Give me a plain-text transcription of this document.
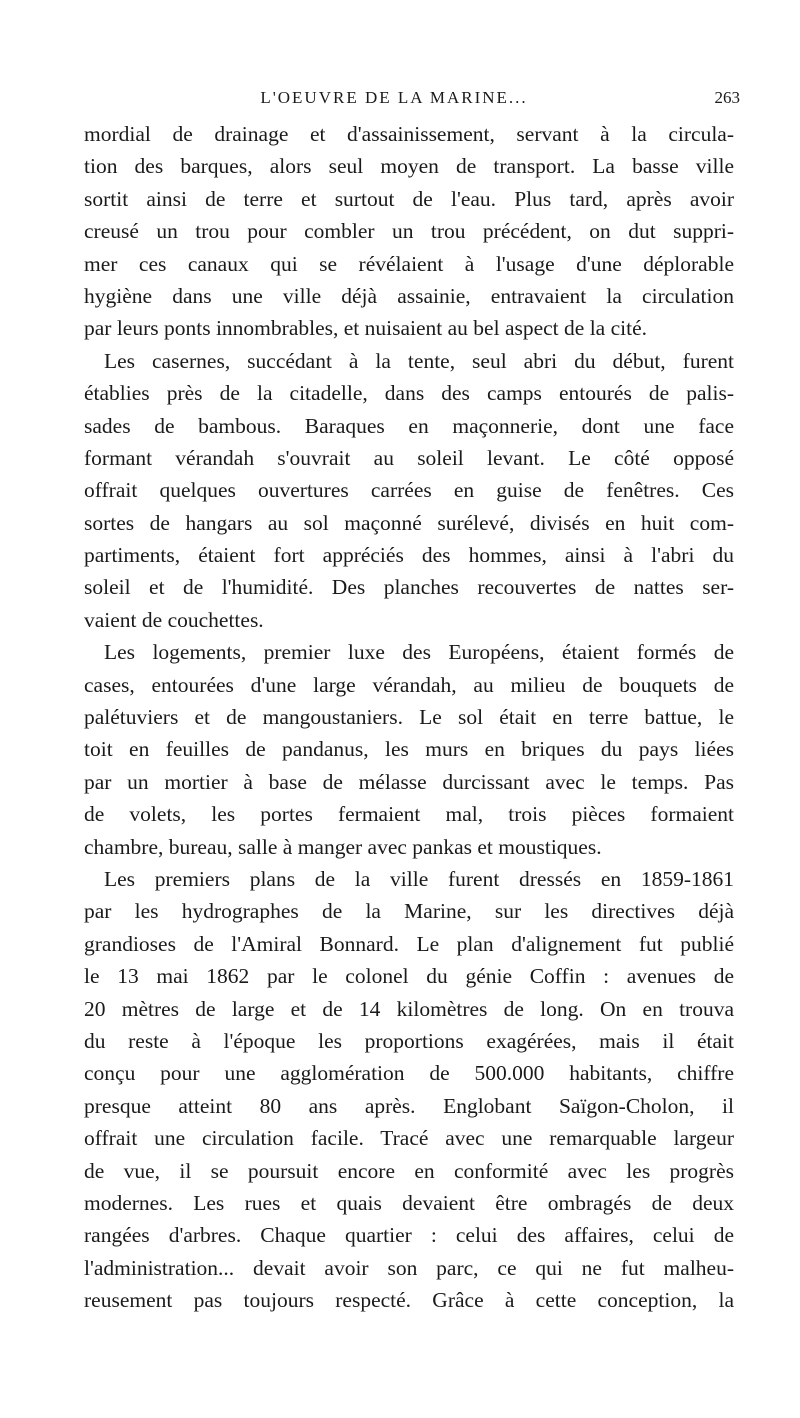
L'OEUVRE DE LA MARINE...	263
mordial de drainage et d'assainissement, servant à la circula-
tion des barques, alors seul moyen de transport. La basse ville
sortit ainsi de terre et surtout de l'eau. Plus tard, après avoir
creusé un trou pour combler un trou précédent, on dut suppri-
mer ces canaux qui se révélaient à l'usage d'une déplorable
hygiène dans une ville déjà assainie, entravaient la circulation
par leurs ponts innombrables, et nuisaient au bel aspect de la cité.
Les casernes, succédant à la tente, seul abri du début, furent
établies près de la citadelle, dans des camps entourés de palis-
sades de bambous. Baraques en maçonnerie, dont une face
formant vérandah s'ouvrait au soleil levant. Le côté opposé
offrait quelques ouvertures carrées en guise de fenêtres. Ces
sortes de hangars au sol maçonné surélevé, divisés en huit com-
partiments, étaient fort appréciés des hommes, ainsi à l'abri du
soleil et de l'humidité. Des planches recouvertes de nattes ser-
vaient de couchettes.
Les logements, premier luxe des Européens, étaient formés de
cases, entourées d'une large vérandah, au milieu de bouquets de
palétuviers et de mangoustaniers. Le sol était en terre battue, le
toit en feuilles de pandanus, les murs en briques du pays liées
par un mortier à base de mélasse durcissant avec le temps. Pas
de volets, les portes fermaient mal, trois pièces formaient
chambre, bureau, salle à manger avec pankas et moustiques.
Les premiers plans de la ville furent dressés en 1859-1861
par les hydrographes de la Marine, sur les directives déjà
grandioses de l'Amiral Bonnard. Le plan d'alignement fut publié
le 13 mai 1862 par le colonel du génie Coffin : avenues de
20 mètres de large et de 14 kilomètres de long. On en trouva
du reste à l'époque les proportions exagérées, mais il était
conçu pour une agglomération de 500.000 habitants, chiffre
presque atteint 80 ans après. Englobant Saïgon-Cholon, il
offrait une circulation facile. Tracé avec une remarquable largeur
de vue, il se poursuit encore en conformité avec les progrès
modernes. Les rues et quais devaient être ombragés de deux
rangées d'arbres. Chaque quartier : celui des affaires, celui de
l'administration... devait avoir son parc, ce qui ne fut malheu-
reusement pas toujours respecté. Grâce à cette conception, la
